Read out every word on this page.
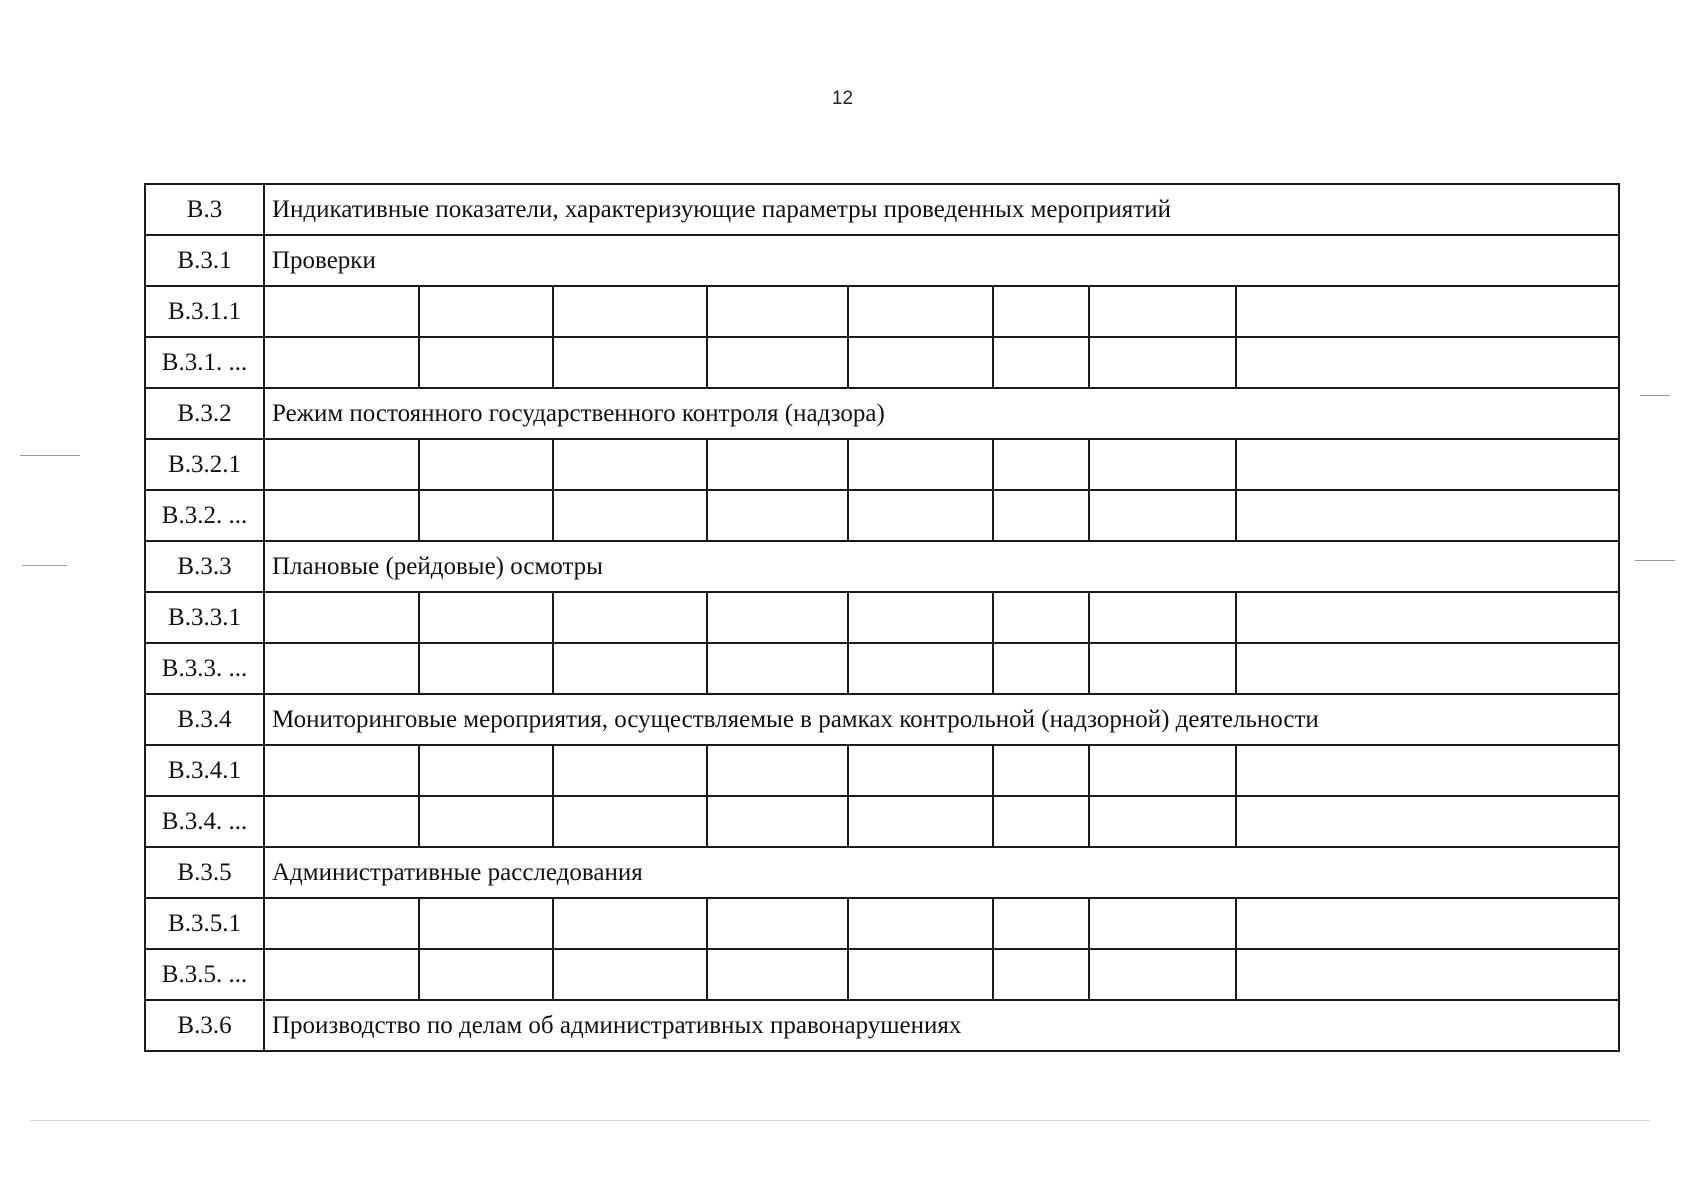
12
В.3	Индикативные показатели, характеризующие параметры проведенных мероприятий							
В.3.1	Проверки							
В.3.1.1								
В.3.1. ...								
В.3.2	Режим постоянного государственного контроля (надзора)							
В.3.2.1								
В.3.2. ...								
В.3.3	Плановые (рейдовые) осмотры							
В.3.3.1								
В.3.3. ...								
В.3.4	Мониторинговые мероприятия, осуществляемые в рамках контрольной (надзорной) деятельности							
В.3.4.1								
В.3.4. ...								
В.3.5	Административные расследования							
В.3.5.1								
В.3.5. ...								
В.3.6	Производство по делам об административных правонарушениях							
